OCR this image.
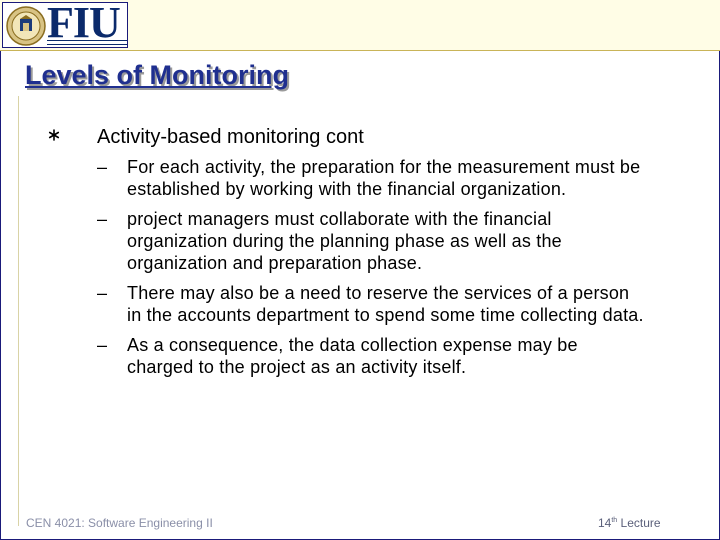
FIU
Levels of Monitoring
Activity-based monitoring cont
–	For each activity, the preparation for the measurement must be
established by working with the financial organization.
–	project managers must collaborate with the financial
organization during the planning phase as well as the
organization and preparation phase.
–	There may also be a need to reserve the services of a person
in the accounts department to spend some time collecting data.
–	As a consequence, the data collection expense may be
charged to the project as an activity itself.
CEN 4021: Software Engineering II	14th Lecture
